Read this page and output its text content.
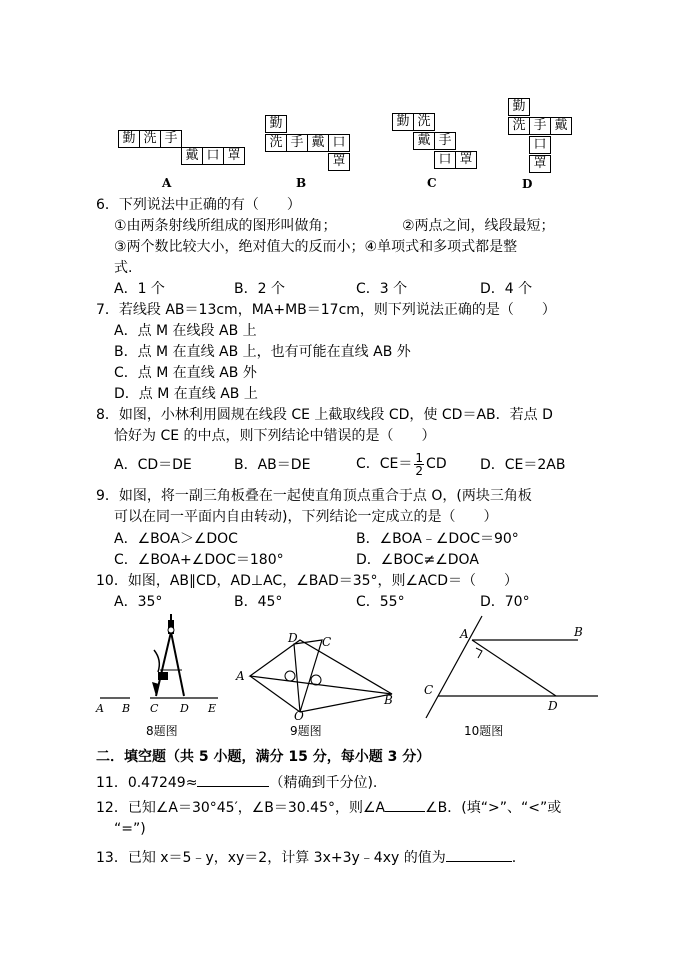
勤 洗 手
戴 口 罩
A
勤
洗 手 戴 口
罩
B
勤 洗
手
口 罩
戴
C
勤
洗 手 戴
口
罩
D
6．下列说法中正确的有（　　）
①由两条射线所组成的图形叫做角；	②两点之间，线段最短；
③两个数比较大小，绝对值大的反而小；④单项式和多项式都是整
式.
A．1 个	B．2 个	C．3 个	D．4 个
7．若线段 AB＝13cm，MA+MB＝17cm，则下列说法正确的是（　　）
A．点 M 在线段 AB 上
B．点 M 在直线 AB 上，也有可能在直线 AB 外
C．点 M 在直线 AB 外
D．点 M 在直线 AB 上
8．如图，小林利用圆规在线段 CE 上截取线段 CD，使 CD＝AB．若点 D
恰好为 CE 的中点，则下列结论中错误的是（　　）
A．CD＝DE	B．AB＝DE	C．$CE= \frac{1}{2}$ CD D．CE＝2AB
9．如图，将一副三角板叠在一起使直角顶点重合于点 O，(两块三角板
可以在同一平面内自由转动)，下列结论一定成立的是（　　）
A．∠BOA＞∠DOC	B．∠BOA﹣∠DOC＝90°
C．∠BOA+∠DOC＝180°	D．∠BOC≠∠DOA
10．如图，AB∥CD，AD⊥AC，∠BAD＝35°，则∠ACD＝（　　）
A．35°	B．45°	C．55°	D．70°
A B C D E
8题图
D C
A
O
B
9题图
A	B
C
D
10题图
二．填空题（共 5 小题，满分 15 分，每小题 3 分）
11．0.47249≈	（精确到千分位).
12．已知∠A＝30°45′，∠B＝30.45°，则∠A	∠B．(填“>”、“<”或
“=”)
13．已知 x＝5﹣y，xy＝2，计算 3x+3y﹣4xy 的值为	.
